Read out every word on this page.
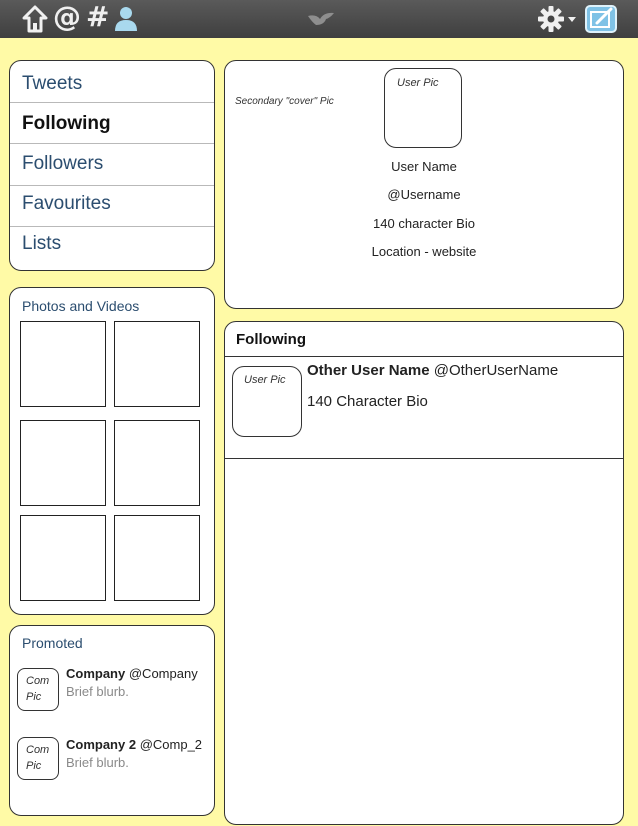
@ #
Tweets
Following
Followers
Favourites
Lists
Photos and Videos
Promoted
Com
Pic
Company @Company
Brief blurb.
Com
Pic
Company 2 @Comp_2
Brief blurb.
Secondary "cover" Pic
User Pic
User Name
@Username
140 character Bio
Location - website
Following
User Pic
Other User Name @OtherUserName
140 Character Bio
